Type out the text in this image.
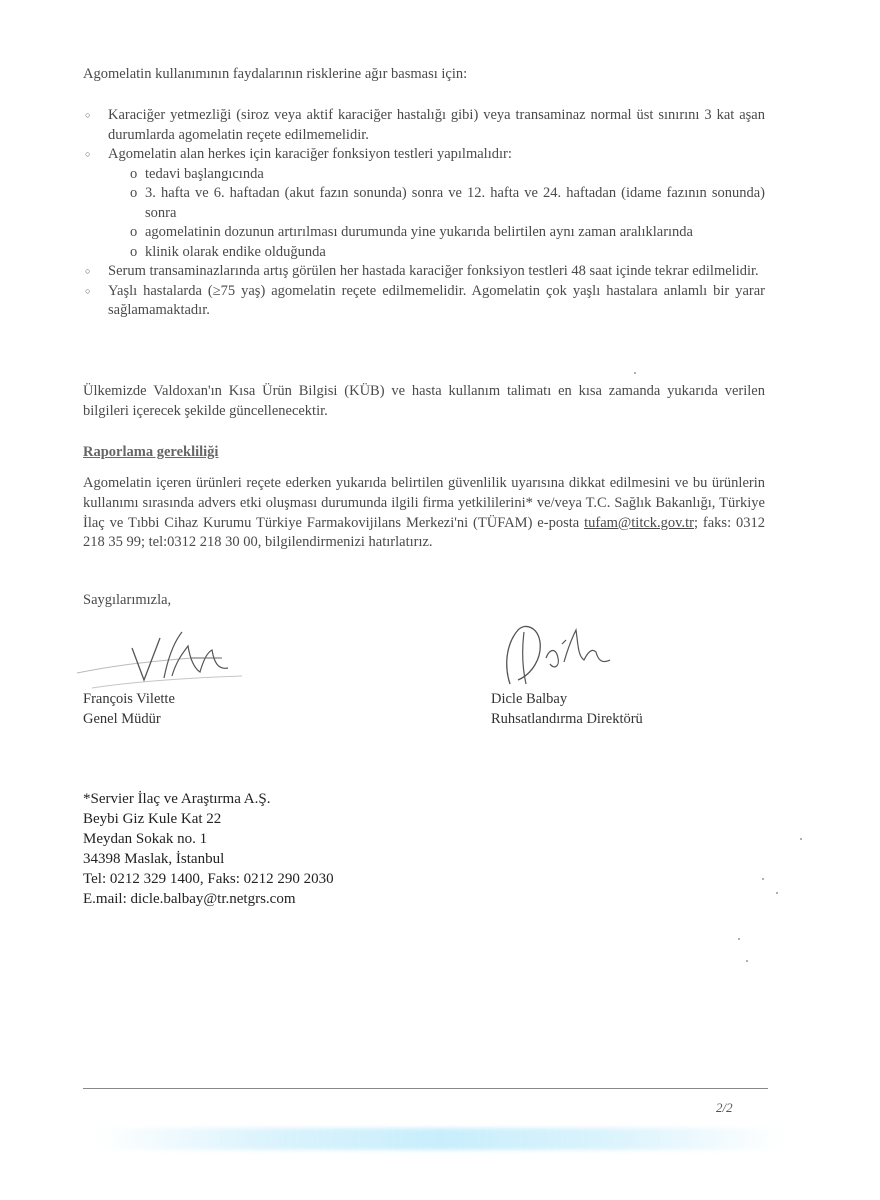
Agomelatin kullanımının faydalarının risklerine ağır basması için:

○ Karaciğer yetmezliği (siroz veya aktif karaciğer hastalığı gibi) veya transaminaz normal üst sınırını 3 kat aşan durumlarda agomelatin reçete edilmemelidir.
○ Agomelatin alan herkes için karaciğer fonksiyon testleri yapılmalıdır:
o tedavi başlangıcında
o 3. hafta ve 6. haftadan (akut fazın sonunda) sonra ve 12. hafta ve 24. haftadan (idame fazının sonunda) sonra
o agomelatinin dozunun artırılması durumunda yine yukarıda belirtilen aynı zaman aralıklarında
o klinik olarak endike olduğunda
○ Serum transaminazlarında artış görülen her hastada karaciğer fonksiyon testleri 48 saat içinde tekrar edilmelidir.
○ Yaşlı hastalarda (≥75 yaş) agomelatin reçete edilmemelidir. Agomelatin çok yaşlı hastalara anlamlı bir yarar sağlamamaktadır.

Ülkemizde Valdoxan'ın Kısa Ürün Bilgisi (KÜB) ve hasta kullanım talimatı en kısa zamanda yukarıda verilen bilgileri içerecek şekilde güncellenecektir.

Raporlama gerekliliği

Agomelatin içeren ürünleri reçete ederken yukarıda belirtilen güvenlilik uyarısına dikkat edilmesini ve bu ürünlerin kullanımı sırasında advers etki oluşması durumunda ilgili firma yetkililerini* ve/veya T.C. Sağlık Bakanlığı, Türkiye İlaç ve Tıbbi Cihaz Kurumu Türkiye Farmakovijilans Merkezi'ni (TÜFAM) e-posta tufam@titck.gov.tr; faks: 0312 218 35 99; tel:0312 218 30 00, bilgilendirmenizi hatırlatırız.

Saygılarımızla,
François Vilette
Genel Müdür
Dicle Balbay
Ruhsatlandırma Direktörü
*Servier İlaç ve Araştırma A.Ş.
Beybi Giz Kule Kat 22
Meydan Sokak no. 1
34398 Maslak, İstanbul
Tel: 0212 329 1400, Faks: 0212 290 2030
E.mail: dicle.balbay@tr.netgrs.com
2/2
